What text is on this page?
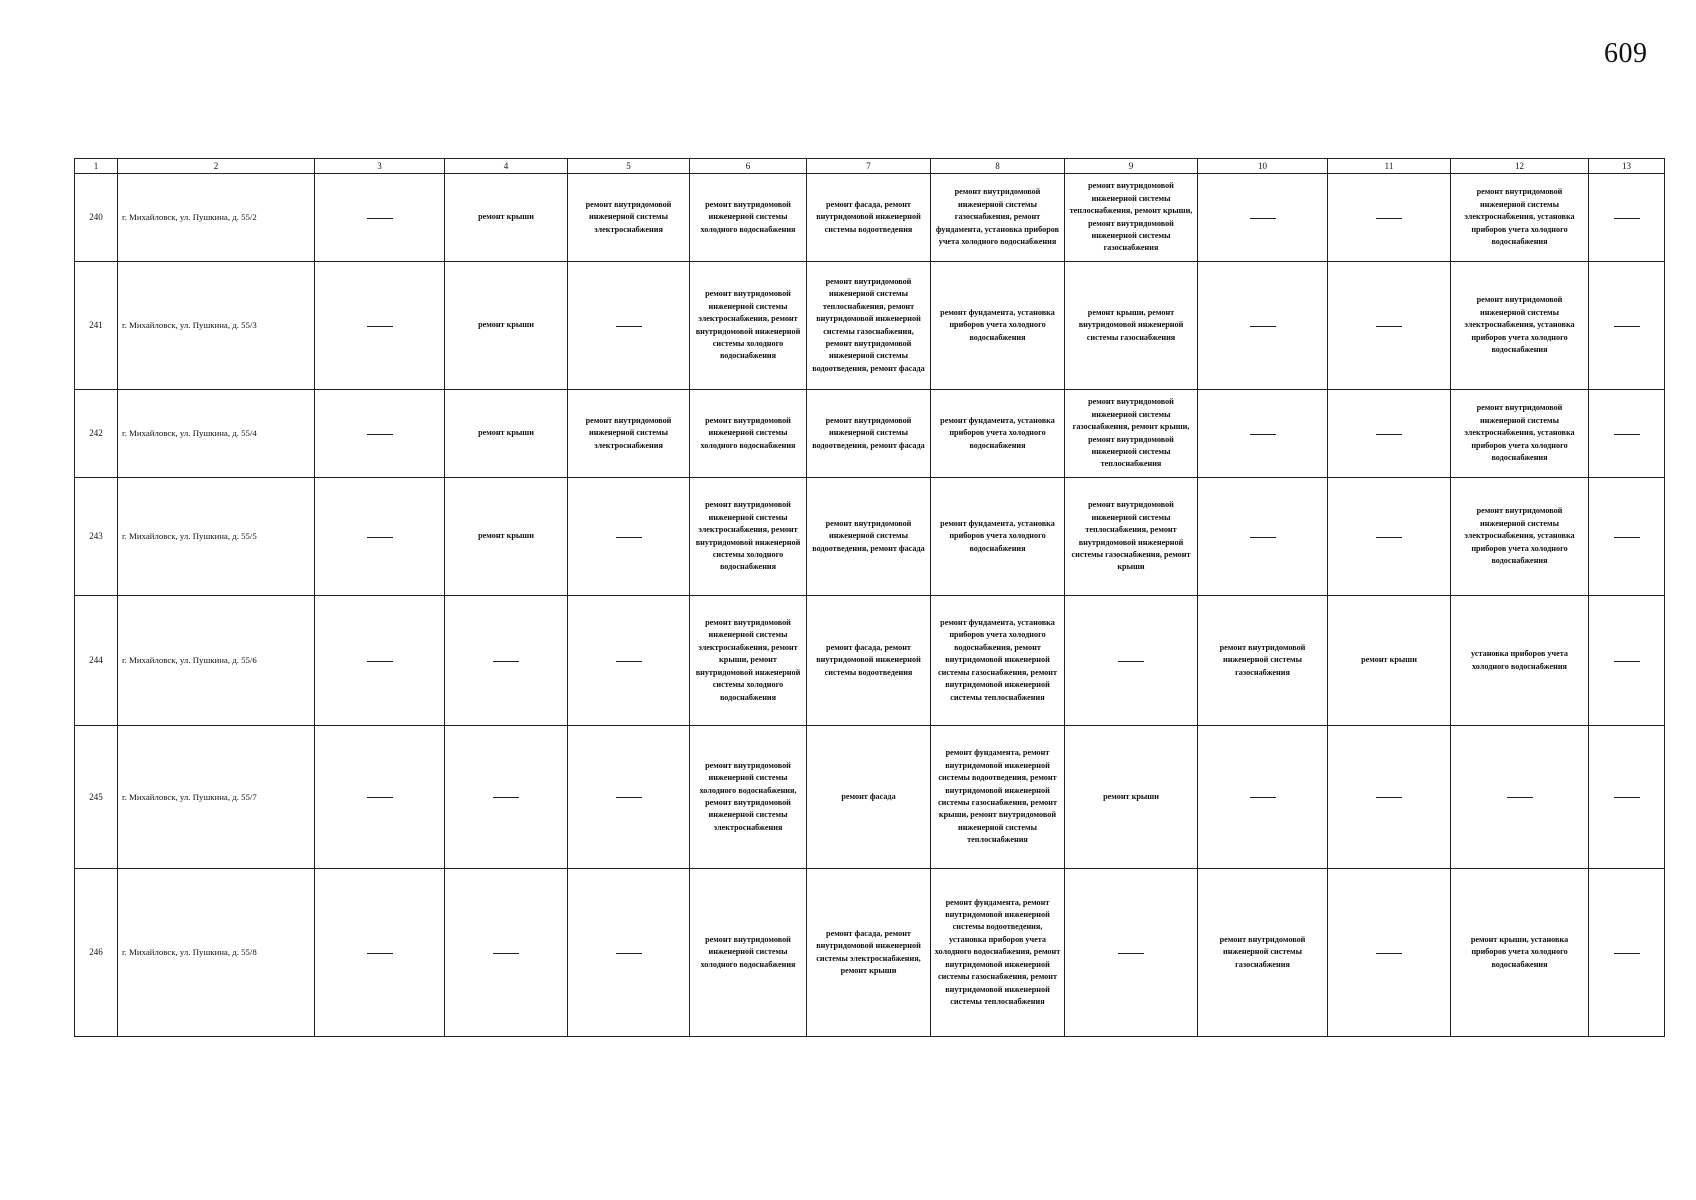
609
1	2	3	4	5	6	7	8	9	10	11	12	13
240	г. Михайловск, ул. Пушкина, д. 55/2		ремонт крыши	ремонт внутридомовой инженерной системы электроснабжения	ремонт внутридомовой инженерной системы холодного водоснабжения	ремонт фасада, ремонт внутридомовой инженерной системы водоотведения	ремонт внутридомовой инженерной системы газоснабжения, ремонт фундамента, установка приборов учета холодного водоснабжения	ремонт внутридомовой инженерной системы теплоснабжения, ремонт крыши, ремонт внутридомовой инженерной системы газоснабжения			ремонт внутридомовой инженерной системы электроснабжения, установка приборов учета холодного водоснабжения	
241	г. Михайловск, ул. Пушкина, д. 55/3		ремонт крыши		ремонт внутридомовой инженерной системы электроснабжения, ремонт внутридомовой инженерной системы холодного водоснабжения	ремонт внутридомовой инженерной системы теплоснабжения, ремонт внутридомовой инженерной системы газоснабжения, ремонт внутридомовой инженерной системы водоотведения, ремонт фасада	ремонт фундамента, установка приборов учета холодного водоснабжения	ремонт крыши, ремонт внутридомовой инженерной системы газоснабжения			ремонт внутридомовой инженерной системы электроснабжения, установка приборов учета холодного водоснабжения	
242	г. Михайловск, ул. Пушкина, д. 55/4		ремонт крыши	ремонт внутридомовой инженерной системы электроснабжения	ремонт внутридомовой инженерной системы холодного водоснабжения	ремонт внутридомовой инженерной системы водоотведения, ремонт фасада	ремонт фундамента, установка приборов учета холодного водоснабжения	ремонт внутридомовой инженерной системы газоснабжения, ремонт крыши, ремонт внутридомовой инженерной системы теплоснабжения			ремонт внутридомовой инженерной системы электроснабжения, установка приборов учета холодного водоснабжения	
243	г. Михайловск, ул. Пушкина, д. 55/5		ремонт крыши		ремонт внутридомовой инженерной системы электроснабжения, ремонт внутридомовой инженерной системы холодного водоснабжения	ремонт внутридомовой инженерной системы водоотведения, ремонт фасада	ремонт фундамента, установка приборов учета холодного водоснабжения	ремонт внутридомовой инженерной системы теплоснабжения, ремонт внутридомовой инженерной системы газоснабжения, ремонт крыши			ремонт внутридомовой инженерной системы электроснабжения, установка приборов учета холодного водоснабжения	
244	г. Михайловск, ул. Пушкина, д. 55/6				ремонт внутридомовой инженерной системы электроснабжения, ремонт крыши, ремонт внутридомовой инженерной системы холодного водоснабжения	ремонт фасада, ремонт внутридомовой инженерной системы водоотведения	ремонт фундамента, установка приборов учета холодного водоснабжения, ремонт внутридомовой инженерной системы газоснабжения, ремонт внутридомовой инженерной системы теплоснабжения		ремонт внутридомовой инженерной системы газоснабжения	ремонт крыши	установка приборов учета холодного водоснабжения	
245	г. Михайловск, ул. Пушкина, д. 55/7				ремонт внутридомовой инженерной системы холодного водоснабжения, ремонт внутридомовой инженерной системы электроснабжения	ремонт фасада	ремонт фундамента, ремонт внутридомовой инженерной системы водоотведения, ремонт внутридомовой инженерной системы газоснабжения, ремонт крыши, ремонт внутридомовой инженерной системы теплоснабжения	ремонт крыши				
246	г. Михайловск, ул. Пушкина, д. 55/8				ремонт внутридомовой инженерной системы холодного водоснабжения	ремонт фасада, ремонт внутридомовой инженерной системы электроснабжения, ремонт крыши	ремонт фундамента, ремонт внутридомовой инженерной системы водоотведения, установка приборов учета холодного водоснабжения, ремонт внутридомовой инженерной системы газоснабжения, ремонт внутридомовой инженерной системы теплоснабжения		ремонт внутридомовой инженерной системы газоснабжения		ремонт крыши, установка приборов учета холодного водоснабжения	
